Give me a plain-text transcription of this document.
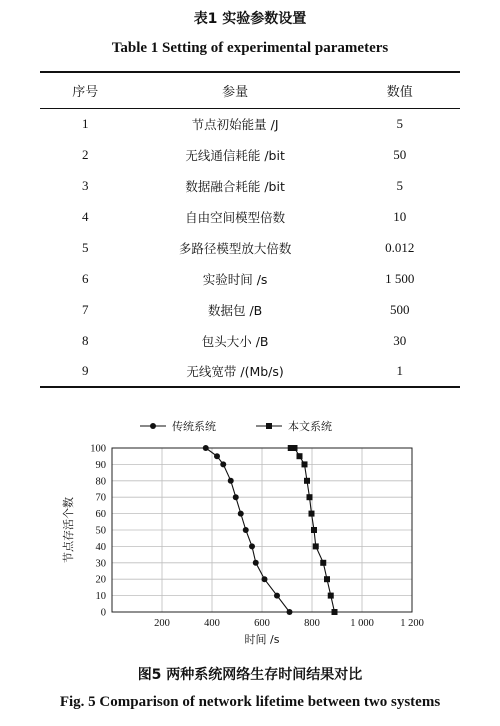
表1 实验参数设置
Table 1 Setting of experimental parameters
序号	参量	数值
1	节点初始能量 /J	5
2	无线通信耗能 /bit	50
3	数据融合耗能 /bit	5
4	自由空间模型倍数	10
5	多路径模型放大倍数	0.012
6	实验时间 /s	1 500
7	数据包 /B	500
8	包头大小 /B	30
9	无线宽带 /(Mb/s)	1
200	400	600	800	1 000	1 200
0
10
20
30
40
50
60
70
80
90
100
时间 /s
节点存活个数
传统系统	本文系统
图5 两种系统网络生存时间结果对比
Fig. 5 Comparison of network lifetime between two systems
